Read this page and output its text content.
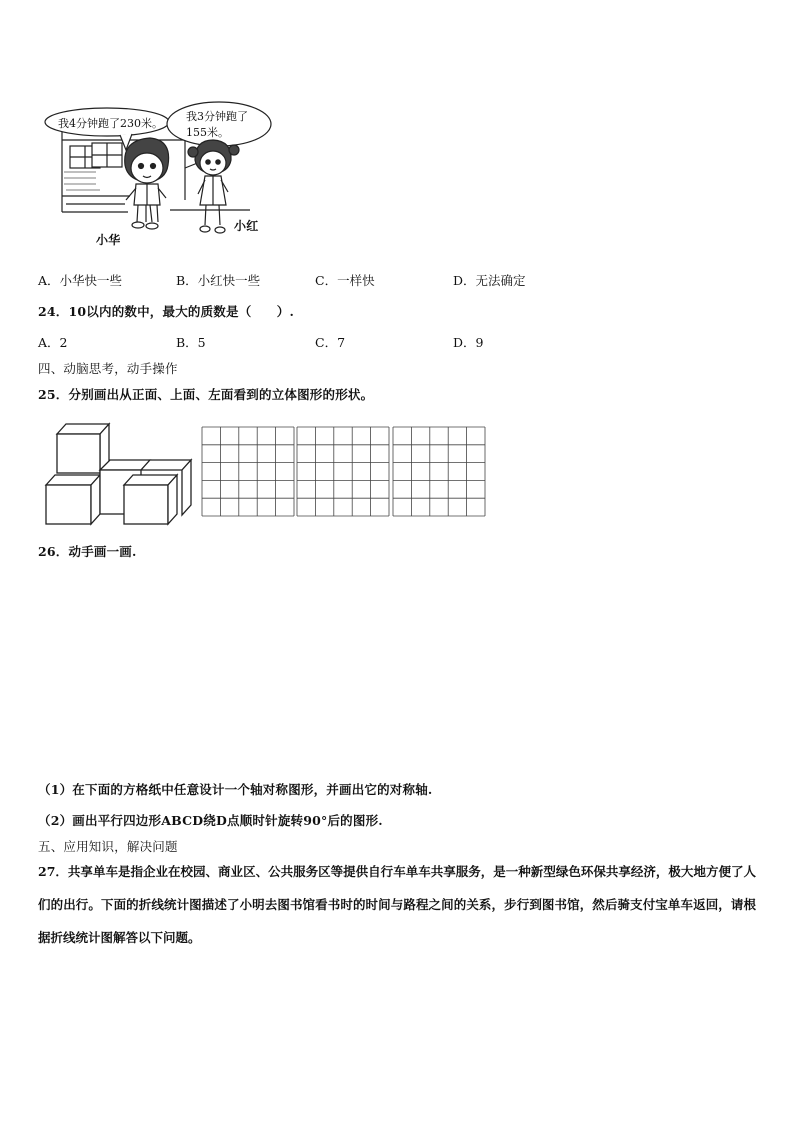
我4分钟跑了230米。
我3分钟跑了
155米。
小华
小红
A．小华快一些	B．小红快一些	C．一样快	D．无法确定
24．10以内的数中，最大的质数是（　　）.
A．2	B．5	C．7	D．9
四、动脑思考，动手操作
25．分别画出从正面、上面、左面看到的立体图形的形状。
26．动手画一画.
（1）在下面的方格纸中任意设计一个轴对称图形，并画出它的对称轴.
（2）画出平行四边形ABCD绕D点顺时针旋转90°后的图形.
五、应用知识，解决问题
27．共享单车是指企业在校园、商业区、公共服务区等提供自行车单车共享服务，是一种新型绿色环保共享经济，极大地方便了人们的出行。下面的折线统计图描述了小明去图书馆看书时的时间与路程之间的关系，步行到图书馆，然后骑支付宝单车返回，请根据折线统计图解答以下问题。
